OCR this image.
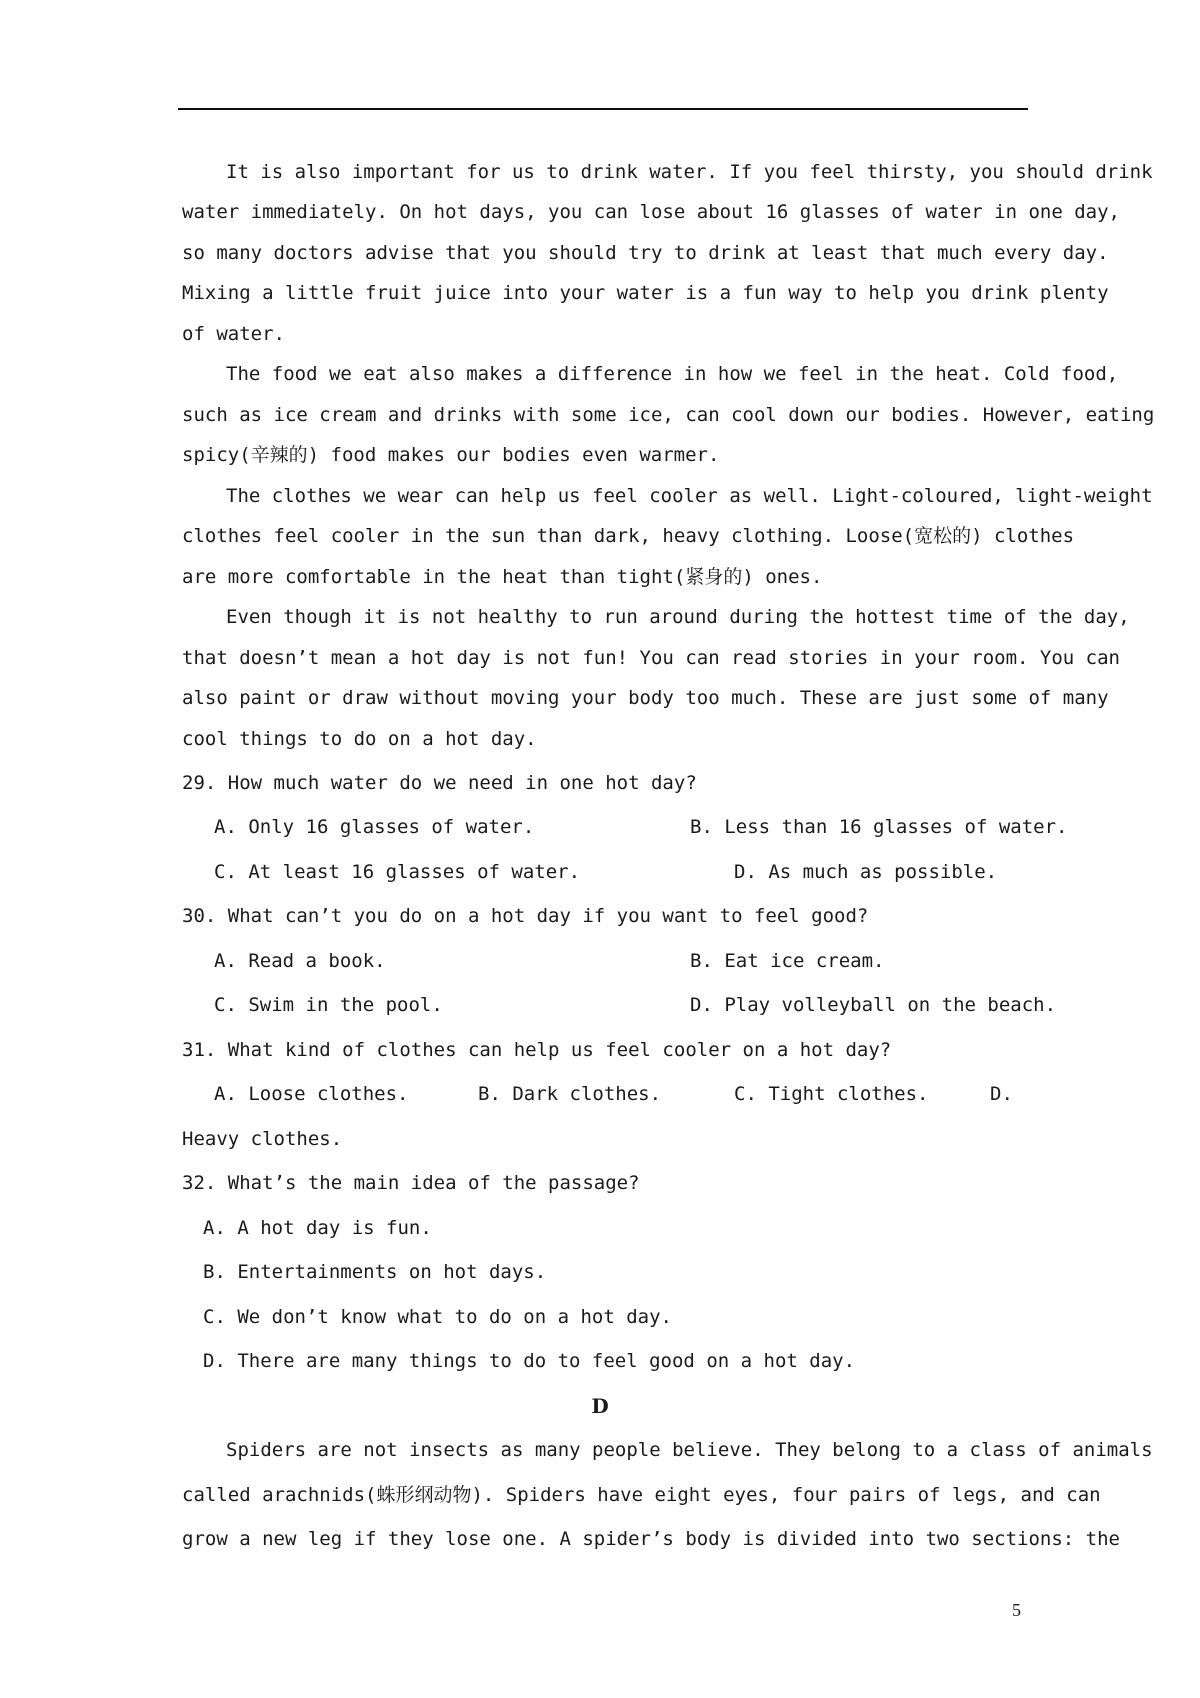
It is also important for us to drink water. If you feel thirsty, you should drink
water immediately. On hot days, you can lose about 16 glasses of water in one day,
so many doctors advise that you should try to drink at least that much every day.
Mixing a little fruit juice into your water is a fun way to help you drink plenty
of water.
The food we eat also makes a difference in how we feel in the heat. Cold food,
such as ice cream and drinks with some ice, can cool down our bodies. However, eating
spicy(辛辣的) food makes our bodies even warmer.
The clothes we wear can help us feel cooler as well. Light-coloured, light-weight
clothes feel cooler in the sun than dark, heavy clothing. Loose(宽松的) clothes
are more comfortable in the heat than tight(紧身的) ones.
Even though it is not healthy to run around during the hottest time of the day,
that doesn’t mean a hot day is not fun! You can read stories in your room. You can
also paint or draw without moving your body too much. These are just some of many
cool things to do on a hot day.
29. How much water do we need in one hot day?
A. Only 16 glasses of water.	B. Less than 16 glasses of water.
C. At least 16 glasses of water.	D. As much as possible.
30. What can’t you do on a hot day if you want to feel good?
A. Read a book.	B. Eat ice cream.
C. Swim in the pool.	D. Play volleyball on the beach.
31. What kind of clothes can help us feel cooler on a hot day?
A. Loose clothes.	B. Dark clothes.	C. Tight clothes.	D.
Heavy clothes.
32. What’s the main idea of the passage?
A. A hot day is fun.
B. Entertainments on hot days.
C. We don’t know what to do on a hot day.
D. There are many things to do to feel good on a hot day.
D
Spiders are not insects as many people believe. They belong to a class of animals
called arachnids(蛛形纲动物). Spiders have eight eyes, four pairs of legs, and can
grow a new leg if they lose one. A spider’s body is divided into two sections: the
5
